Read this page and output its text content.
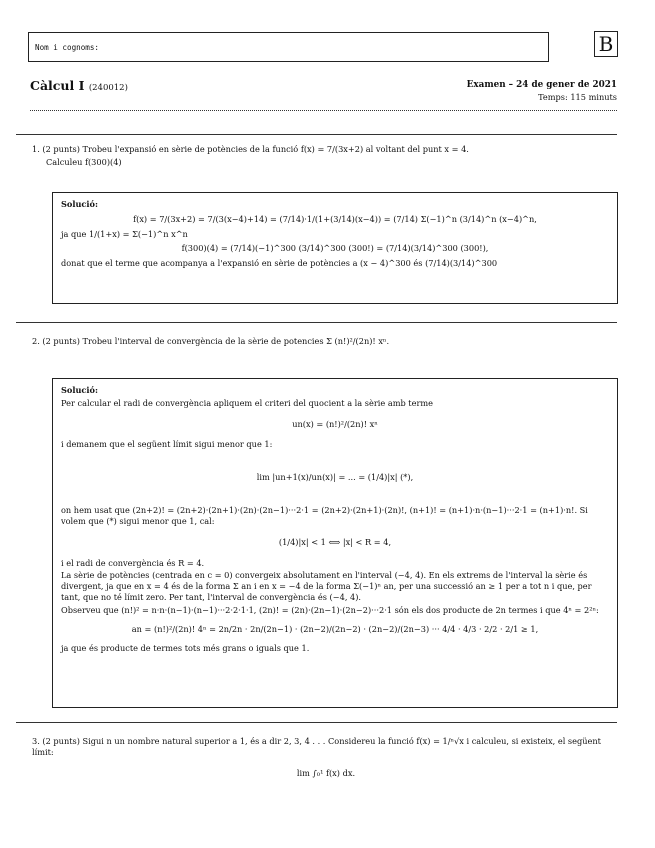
Nom i cognoms:	B
Càlcul I (240012)	Examen – 24 de gener de 2021
Temps: 115 minuts

1. (2 punts) Trobeu l'expansió en sèrie de potències de la funció f(x) = 7/(3x+2) al voltant del punt x = 4.

Calculeu f(300)(4)

Solució:

f(x) = 7/(3x+2) = 7/(3(x−4)+14) = (7/14)·1/(1+(3/14)(x−4)) = (7/14) Σ(−1)^n (3/14)^n (x−4)^n,

ja que 1/(1+x) = Σ(−1)^n x^n

f(300)(4) = (7/14)(−1)^300 (3/14)^300 (300!) = (7/14)(3/14)^300 (300!),

donat que el terme que acompanya a l'expansió en sèrie de potències a (x − 4)^300 és (7/14)(3/14)^300

2. (2 punts) Trobeu l'interval de convergència de la sèrie de potencies Σ (n!)²/(2n)! xⁿ.

Solució:

Per calcular el radi de convergència apliquem el criteri del quocient a la sèrie amb terme

un(x) = (n!)²/(2n)! xⁿ

i demanem que el següent límit sigui menor que 1:

lim |un+1(x)/un(x)| = ... = (1/4)|x| (*),

on hem usat que (2n+2)! = (2n+2)·(2n+1)·(2n)·(2n−1)···2·1 = (2n+2)·(2n+1)·(2n)!, (n+1)! = (n+1)·n·(n−1)···2·1 = (n+1)·n!. Si volem que (*) sigui menor que 1, cal:

(1/4)|x| < 1 ⟺ |x| < R = 4,

i el radi de convergència és R = 4.

La sèrie de potències (centrada en c = 0) convergeix absolutament en l'interval (−4, 4). En els extrems de l'interval la sèrie és divergent, ja que en x = 4 és de la forma Σ an i en x = −4 de la forma Σ(−1)ⁿ an, per una successió an ≥ 1 per a tot n i que, per tant, que no té límit zero. Per tant, l'interval de convergència és (−4, 4).

Observeu que (n!)² = n·n·(n−1)·(n−1)···2·2·1·1, (2n)! = (2n)·(2n−1)·(2n−2)···2·1 són els dos producte de 2n termes i que 4ⁿ = 2²ⁿ:

an = (n!)²/(2n)! 4ⁿ = 2n/2n · 2n/(2n−1) · (2n−2)/(2n−2) · (2n−2)/(2n−3) ··· 4/4 · 4/3 · 2/2 · 2/1 ≥ 1,

ja que és producte de termes tots més grans o iguals que 1.

3. (2 punts) Sigui n un nombre natural superior a 1, és a dir 2, 3, 4 . . . Considereu la funció f(x) = 1/ⁿ√x i calculeu, si existeix, el següent límit:

lim ∫₀¹ f(x) dx.
